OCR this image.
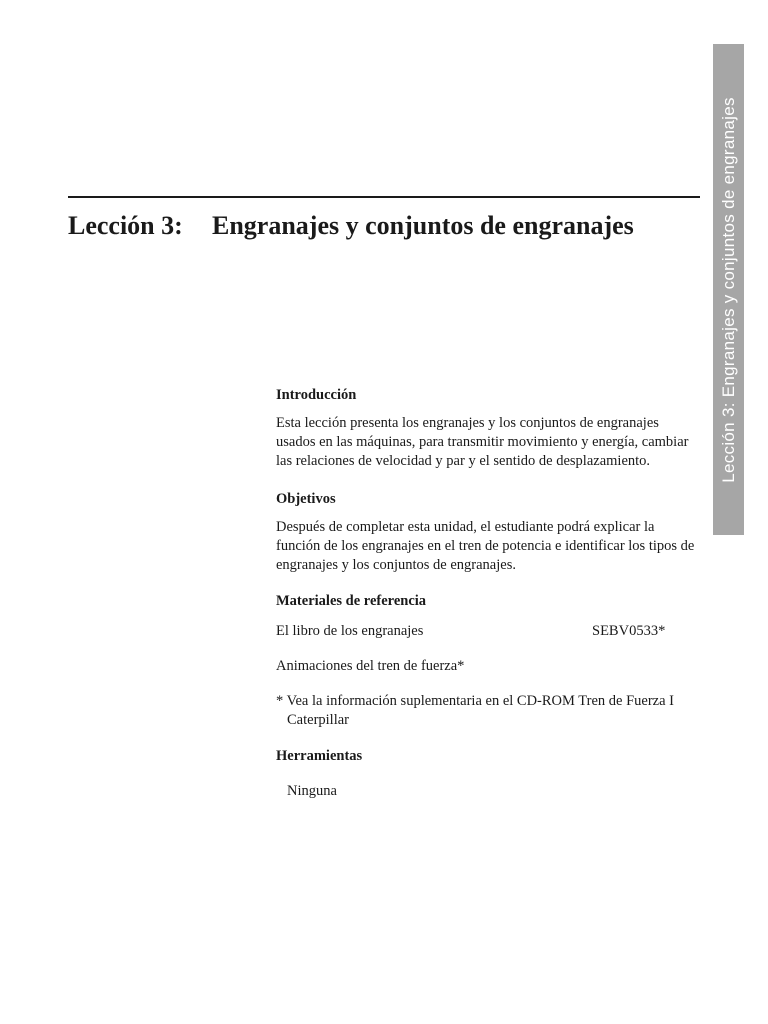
Lección 3: Engranajes y conjuntos de engranajes
Lección 3: Engranajes y conjuntos de engranajes

Introducción

Esta lección presenta los engranajes y los conjuntos de engranajes usados en las máquinas, para transmitir movimiento y energía, cambiar las relaciones de velocidad y par y el sentido de desplazamiento.

Objetivos

Después de completar esta unidad, el estudiante podrá explicar la función de los engranajes en el tren de potencia e identificar los tipos de engranajes y los conjuntos de engranajes.

Materiales de referencia

El libro de los engranajes	SEBV0533*
Animaciones del tren de fuerza*

* Vea la información suplementaria en el CD-ROM Tren de Fuerza I Caterpillar

Herramientas

Ninguna
